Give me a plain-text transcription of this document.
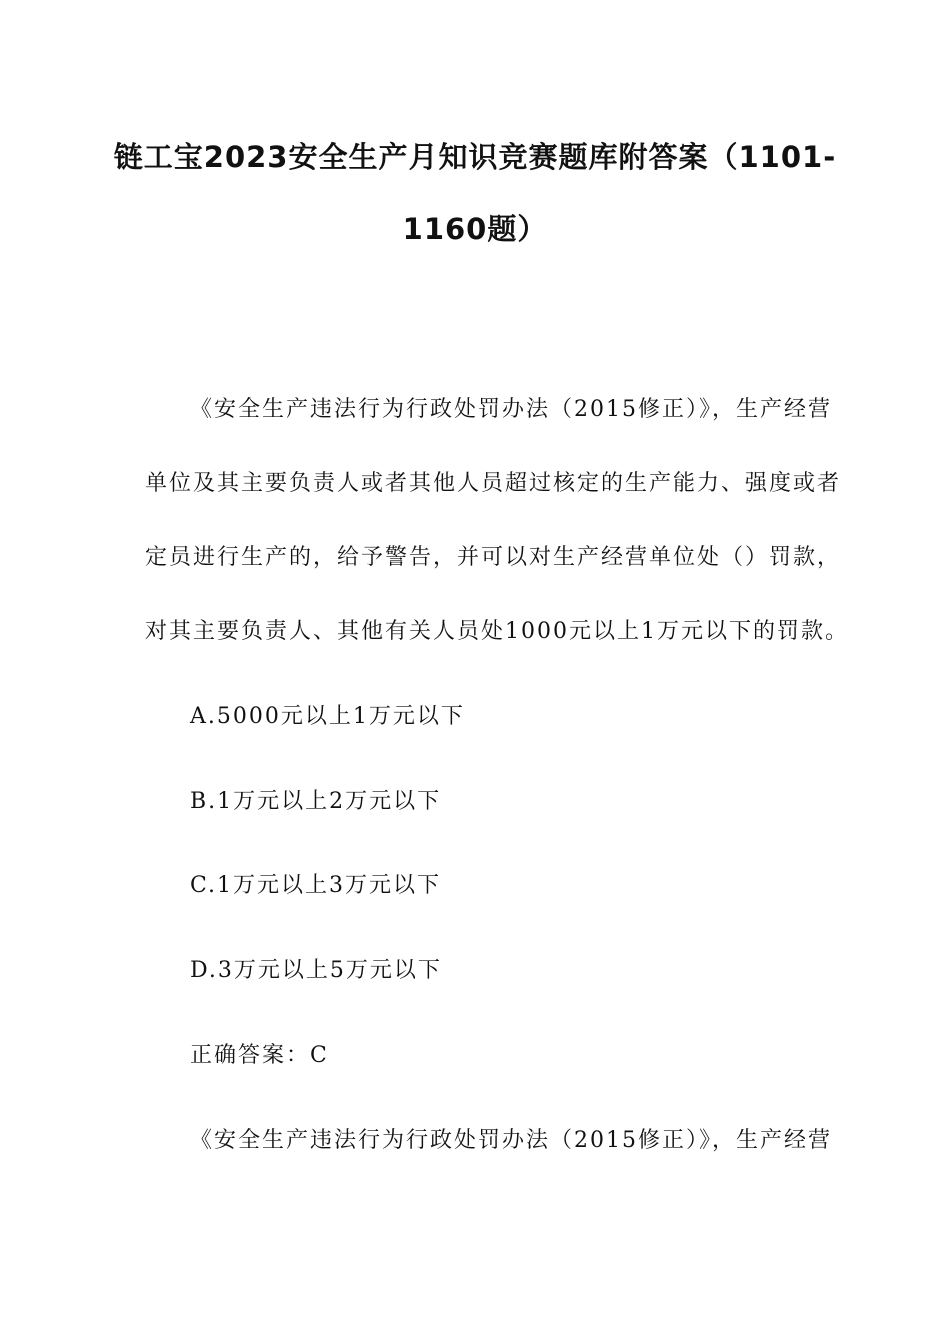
链工宝2023安全生产月知识竞赛题库附答案（1101-
1160题）
《安全生产违法行为行政处罚办法（2015修正）》，生产经营
单位及其主要负责人或者其他人员超过核定的生产能力、强度或者
定员进行生产的，给予警告，并可以对生产经营单位处（）罚款，
对其主要负责人、其他有关人员处1000元以上1万元以下的罚款。
A.5000元以上1万元以下
B.1万元以上2万元以下
C.1万元以上3万元以下
D.3万元以上5万元以下
正确答案：C
《安全生产违法行为行政处罚办法（2015修正）》，生产经营
